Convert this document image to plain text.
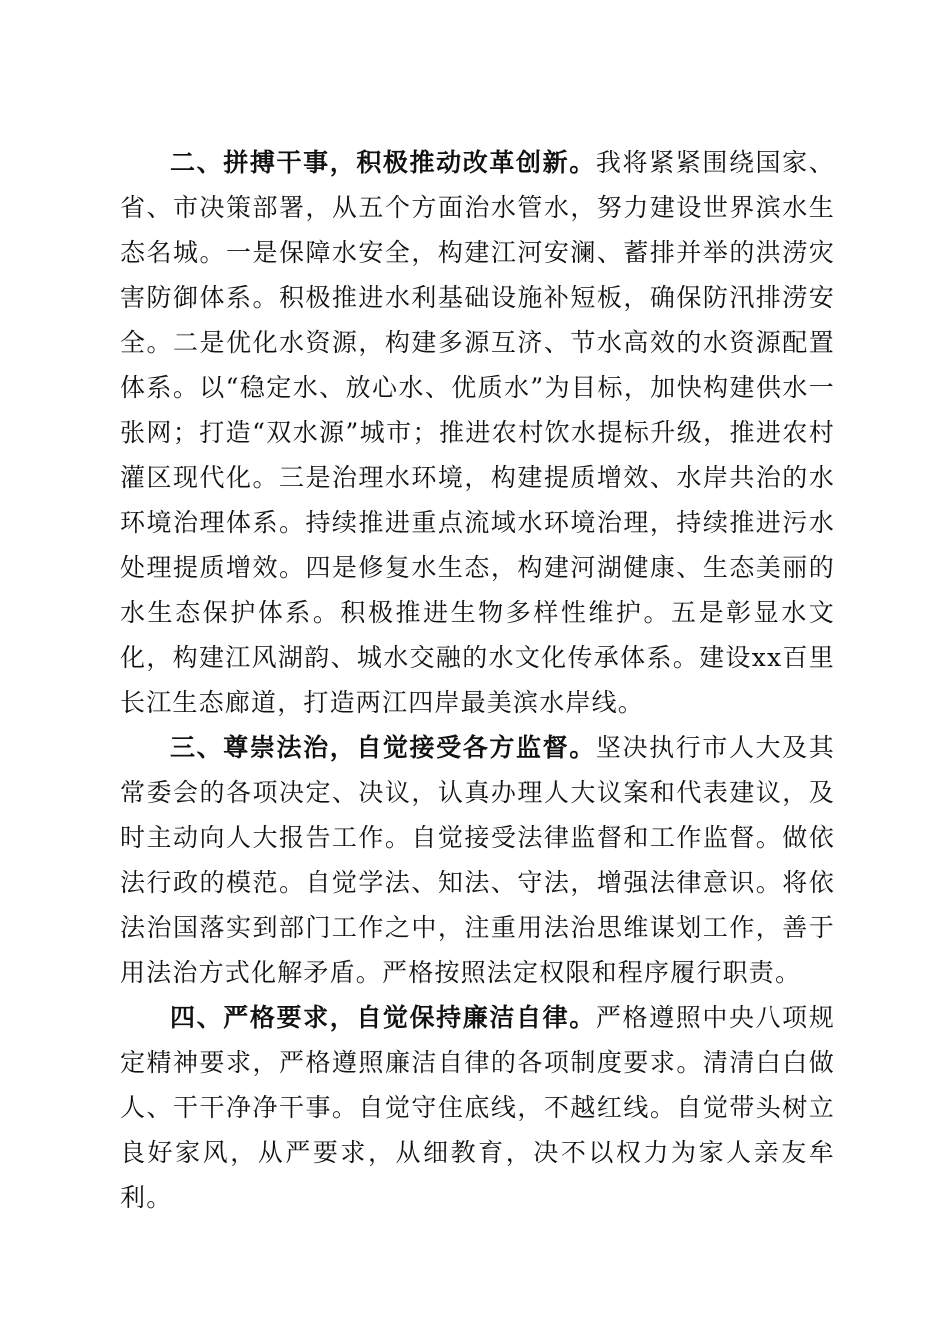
二、拼搏干事，积极推动改革创新。我将紧紧围绕国家、省、市决策部署，从五个方面治水管水，努力建设世界滨水生态名城。一是保障水安全，构建江河安澜、蓄排并举的洪涝灾害防御体系。积极推进水利基础设施补短板，确保防汛排涝安全。二是优化水资源，构建多源互济、节水高效的水资源配置体系。以“稳定水、放心水、优质水”为目标，加快构建供水一张网；打造“双水源”城市；推进农村饮水提标升级，推进农村灌区现代化。三是治理水环境，构建提质增效、水岸共治的水环境治理体系。持续推进重点流域水环境治理，持续推进污水处理提质增效。四是修复水生态，构建河湖健康、生态美丽的水生态保护体系。积极推进生物多样性维护。五是彰显水文化，构建江风湖韵、城水交融的水文化传承体系。建设xx百里长江生态廊道，打造两江四岸最美滨水岸线。

三、尊崇法治，自觉接受各方监督。坚决执行市人大及其常委会的各项决定、决议，认真办理人大议案和代表建议，及时主动向人大报告工作。自觉接受法律监督和工作监督。做依法行政的模范。自觉学法、知法、守法，增强法律意识。将依法治国落实到部门工作之中，注重用法治思维谋划工作，善于用法治方式化解矛盾。严格按照法定权限和程序履行职责。

四、严格要求，自觉保持廉洁自律。严格遵照中央八项规定精神要求，严格遵照廉洁自律的各项制度要求。清清白白做人、干干净净干事。自觉守住底线，不越红线。自觉带头树立良好家风，从严要求，从细教育，决不以权力为家人亲友牟利。
